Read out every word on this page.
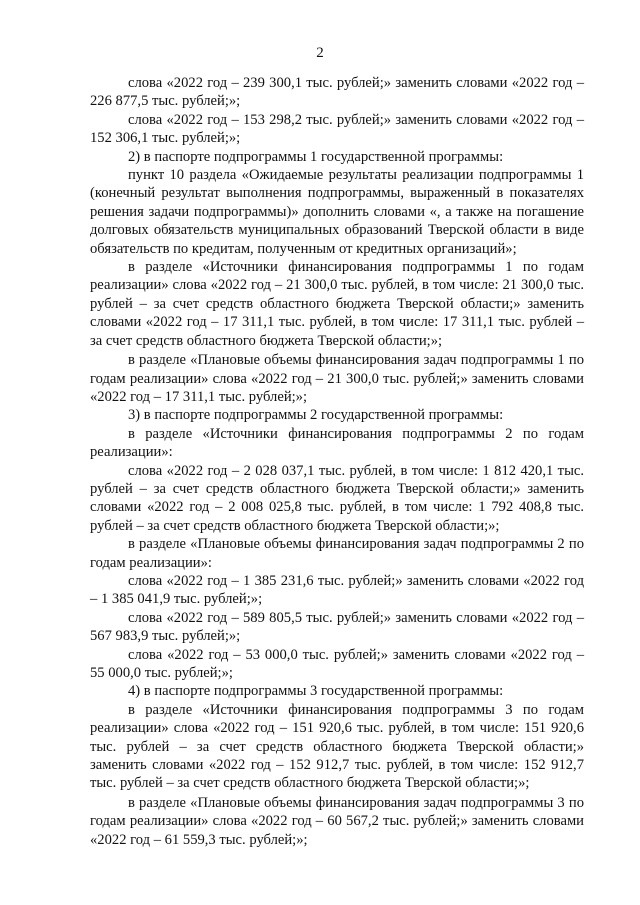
2

слова «2022 год – 239 300,1 тыс. рублей;» заменить словами «2022 год – 226 877,5 тыс. рублей;»;

слова «2022 год – 153 298,2 тыс. рублей;» заменить словами «2022 год – 152 306,1 тыс. рублей;»;

2) в паспорте подпрограммы 1 государственной программы:

пункт 10 раздела «Ожидаемые результаты реализации подпрограммы 1 (конечный результат выполнения подпрограммы, выраженный в показателях решения задачи подпрограммы)» дополнить словами «, а также на погашение долговых обязательств муниципальных образований Тверской области в виде обязательств по кредитам, полученным от кредитных организаций»;

в разделе «Источники финансирования подпрограммы 1 по годам реализации» слова «2022 год – 21 300,0 тыс. рублей, в том числе: 21 300,0 тыс. рублей – за счет средств областного бюджета Тверской области;» заменить словами «2022 год – 17 311,1 тыс. рублей, в том числе: 17 311,1 тыс. рублей – за счет средств областного бюджета Тверской области;»;

в разделе «Плановые объемы финансирования задач подпрограммы 1 по годам реализации» слова «2022 год – 21 300,0 тыс. рублей;» заменить словами «2022 год – 17 311,1 тыс. рублей;»;

3) в паспорте подпрограммы 2 государственной программы:

в разделе «Источники финансирования подпрограммы 2 по годам реализации»:

слова «2022 год – 2 028 037,1 тыс. рублей, в том числе: 1 812 420,1 тыс. рублей – за счет средств областного бюджета Тверской области;» заменить словами «2022 год – 2 008 025,8 тыс. рублей, в том числе: 1 792 408,8 тыс. рублей – за счет средств областного бюджета Тверской области;»;

в разделе «Плановые объемы финансирования задач подпрограммы 2 по годам реализации»:

слова «2022 год – 1 385 231,6 тыс. рублей;» заменить словами «2022 год – 1 385 041,9 тыс. рублей;»;

слова «2022 год – 589 805,5 тыс. рублей;» заменить словами «2022 год – 567 983,9 тыс. рублей;»;

слова «2022 год – 53 000,0 тыс. рублей;» заменить словами «2022 год – 55 000,0 тыс. рублей;»;

4) в паспорте подпрограммы 3 государственной программы:

в разделе «Источники финансирования подпрограммы 3 по годам реализации» слова «2022 год – 151 920,6 тыс. рублей, в том числе: 151 920,6 тыс. рублей – за счет средств областного бюджета Тверской области;» заменить словами «2022 год – 152 912,7 тыс. рублей, в том числе: 152 912,7 тыс. рублей – за счет средств областного бюджета Тверской области;»;

в разделе «Плановые объемы финансирования задач подпрограммы 3 по годам реализации» слова «2022 год – 60 567,2 тыс. рублей;» заменить словами «2022 год – 61 559,3 тыс. рублей;»;
